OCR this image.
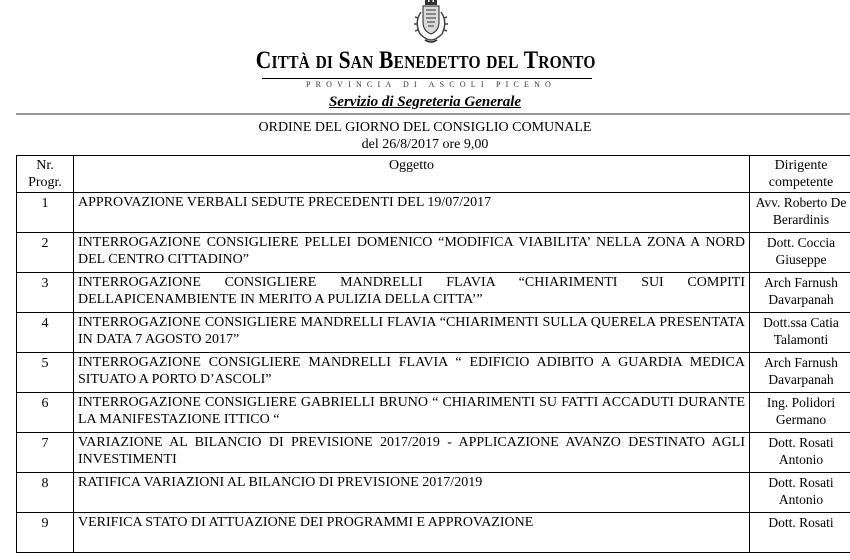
Città di San Benedetto del Tronto
PROVINCIA DI ASCOLI PICENO
Servizio di Segreteria Generale
ORDINE DEL GIORNO DEL CONSIGLIO COMUNALE
del 26/8/2017 ore 9,00
Nr. Progr.	Oggetto	Dirigente competente
1	APPROVAZIONE VERBALI SEDUTE PRECEDENTI DEL 19/07/2017	Avv. Roberto De Berardinis
2	INTERROGAZIONE CONSIGLIERE PELLEI DOMENICO “MODIFICA VIABILITA’ NELLA ZONA A NORD DEL CENTRO CITTADINO”	Dott. Coccia Giuseppe
3	INTERROGAZIONE CONSIGLIERE MANDRELLI FLAVIA “CHIARIMENTI SUI COMPITI DELLAPICENAMBIENTE IN MERITO A PULIZIA DELLA CITTA’”	Arch Farnush Davarpanah
4	INTERROGAZIONE CONSIGLIERE MANDRELLI FLAVIA “CHIARIMENTI SULLA QUERELA PRESENTATA IN DATA 7 AGOSTO 2017”	Dott.ssa Catia Talamonti
5	INTERROGAZIONE CONSIGLIERE MANDRELLI FLAVIA “ EDIFICIO ADIBITO A GUARDIA MEDICA SITUATO A PORTO D’ASCOLI”	Arch Farnush Davarpanah
6	INTERROGAZIONE CONSIGLIERE GABRIELLI BRUNO “ CHIARIMENTI SU FATTI ACCADUTI DURANTE LA MANIFESTAZIONE ITTICO “	Ing. Polidori Germano
7	VARIAZIONE AL BILANCIO DI PREVISIONE 2017/2019 - APPLICAZIONE AVANZO DESTINATO AGLI INVESTIMENTI	Dott. Rosati Antonio
8	RATIFICA VARIAZIONI AL BILANCIO DI PREVISIONE 2017/2019	Dott. Rosati Antonio
9	VERIFICA STATO DI ATTUAZIONE DEI PROGRAMMI E APPROVAZIONE	Dott. Rosati
